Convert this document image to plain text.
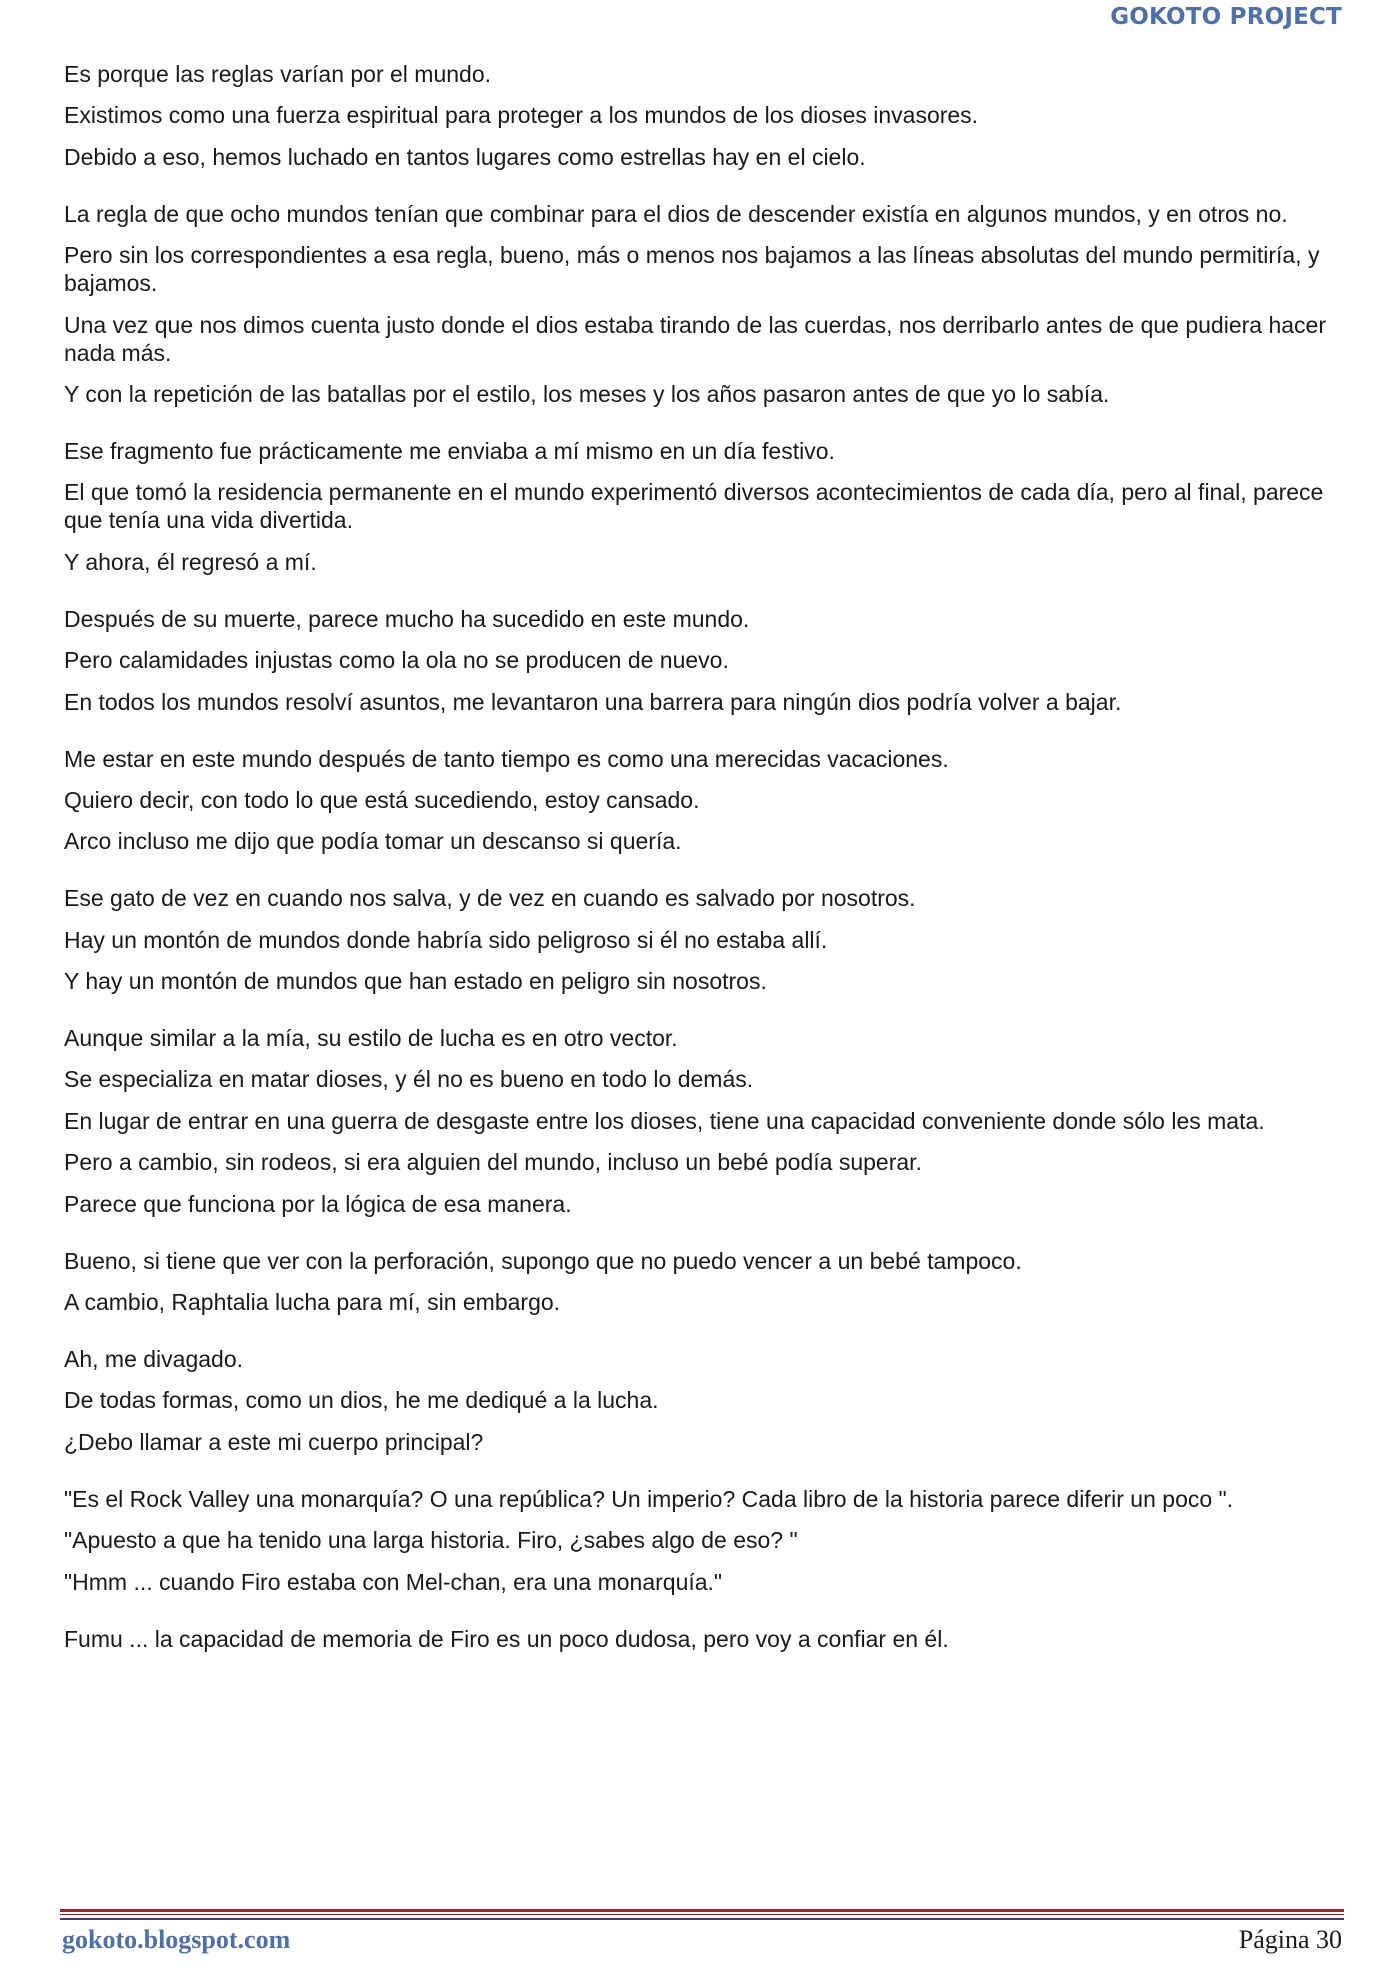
GOKOTO PROJECT
Es porque las reglas varían por el mundo.
Existimos como una fuerza espiritual para proteger a los mundos de los dioses invasores.
Debido a eso, hemos luchado en tantos lugares como estrellas hay en el cielo.
La regla de que ocho mundos tenían que combinar para el dios de descender existía en algunos mundos, y en otros no.
Pero sin los correspondientes a esa regla, bueno, más o menos nos bajamos a las líneas absolutas del mundo permitiría, y bajamos.
Una vez que nos dimos cuenta justo donde el dios estaba tirando de las cuerdas, nos derribarlo antes de que pudiera hacer nada más.
Y con la repetición de las batallas por el estilo, los meses y los años pasaron antes de que yo lo sabía.
Ese fragmento fue prácticamente me enviaba a mí mismo en un día festivo.
El que tomó la residencia permanente en el mundo experimentó diversos acontecimientos de cada día, pero al final, parece que tenía una vida divertida.
Y ahora, él regresó a mí.
Después de su muerte, parece mucho ha sucedido en este mundo.
Pero calamidades injustas como la ola no se producen de nuevo.
En todos los mundos resolví asuntos, me levantaron una barrera para ningún dios podría volver a bajar.
Me estar en este mundo después de tanto tiempo es como una merecidas vacaciones.
Quiero decir, con todo lo que está sucediendo, estoy cansado.
Arco incluso me dijo que podía tomar un descanso si quería.
Ese gato de vez en cuando nos salva, y de vez en cuando es salvado por nosotros.
Hay un montón de mundos donde habría sido peligroso si él no estaba allí.
Y hay un montón de mundos que han estado en peligro sin nosotros.
Aunque similar a la mía, su estilo de lucha es en otro vector.
Se especializa en matar dioses, y él no es bueno en todo lo demás.
En lugar de entrar en una guerra de desgaste entre los dioses, tiene una capacidad conveniente donde sólo les mata.
Pero a cambio, sin rodeos, si era alguien del mundo, incluso un bebé podía superar.
Parece que funciona por la lógica de esa manera.
Bueno, si tiene que ver con la perforación, supongo que no puedo vencer a un bebé tampoco.
A cambio, Raphtalia lucha para mí, sin embargo.
Ah, me divagado.
De todas formas, como un dios, he me dediqué a la lucha.
¿Debo llamar a este mi cuerpo principal?
"Es el Rock Valley una monarquía? O una república? Un imperio? Cada libro de la historia parece diferir un poco ".
"Apuesto a que ha tenido una larga historia. Firo, ¿sabes algo de eso? "
"Hmm ... cuando Firo estaba con Mel-chan, era una monarquía."
Fumu ... la capacidad de memoria de Firo es un poco dudosa, pero voy a confiar en él.
gokoto.blogspot.com	Página 30
